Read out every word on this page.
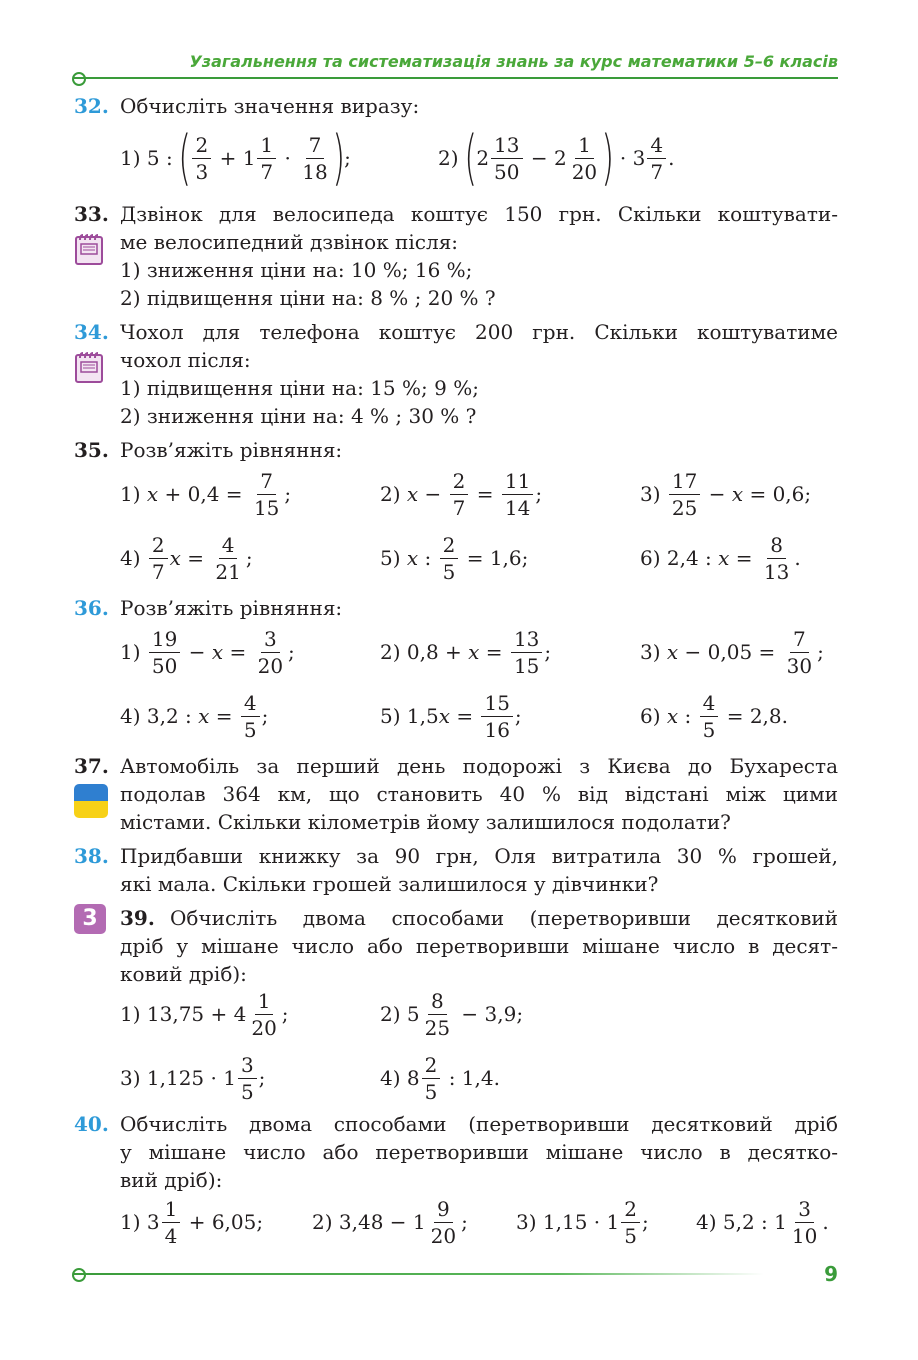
Узагальнення та систематизація знань за курс математики 5–6 класів
32. Обчисліть значення виразу:
1) 5 : ( 2
3
+ 1
1
7
·
7
18 ) ;	2) ( 2
13
50
− 2
1
20 ) · 3
4
7
.
33. Дзвінок для велосипеда коштує 150 грн. Скільки коштувати-
ме велосипедний дзвінок після:
1) зниження ціни на: 10 %; 16 %;
2) підвищення ціни на: 8 % ; 20 % ?
34. Чохол для телефона коштує 200 грн. Скільки коштуватиме
чохол після:
1) підвищення ціни на: 15 %; 9 %;
2) зниження ціни на: 4 % ; 30 % ?
35. Розв’яжіть рівняння:
1) x + 0,4 =
7
15
;	2) x −
2
7
=
11
14
;	3)
17
25
− x = 0,6;
4)
2
7
x =
4
21
;	5) x :
2
5
= 1,6;	6) 2,4 : x =
8
13
.
36. Розв’яжіть рівняння:
1)
19
50
− x =
3
20
;	2) 0,8 + x =
13
15
;	3) x − 0,05 =
7
30
;
4) 3,2 : x =
4
5
;	5) 1,5 x =
15
16
;	6) x :
4
5
= 2,8.
37. Автомобіль за перший день подорожі з Києва до Бухареста
подолав 364 км, що становить 40 % від відстані між цими
містами. Скільки кілометрів йому залишилося подолати?
38. Придбавши книжку за 90 грн, Оля витратила 30 % грошей,
які мала. Скільки грошей залишилося у дівчинки?
3	39. Обчисліть двома способами (перетворивши десятковий
дріб у мішане число або перетворивши мішане число в десят-
ковий дріб):
1) 13,75 + 4
1
20
;	2) 5
8
25
− 3,9;
3) 1,125 · 1
3
5
;	4) 8
2
5
: 1,4.
40. Обчисліть двома способами (перетворивши десятковий дріб
у мішане число або перетворивши мішане число в десятко-
вий дріб):
1) 3
1
4
+ 6,05; 2) 3,48 − 1
9
20
; 3) 1,15 · 1
2
5
; 4) 5,2 : 1
3
10
.
9
